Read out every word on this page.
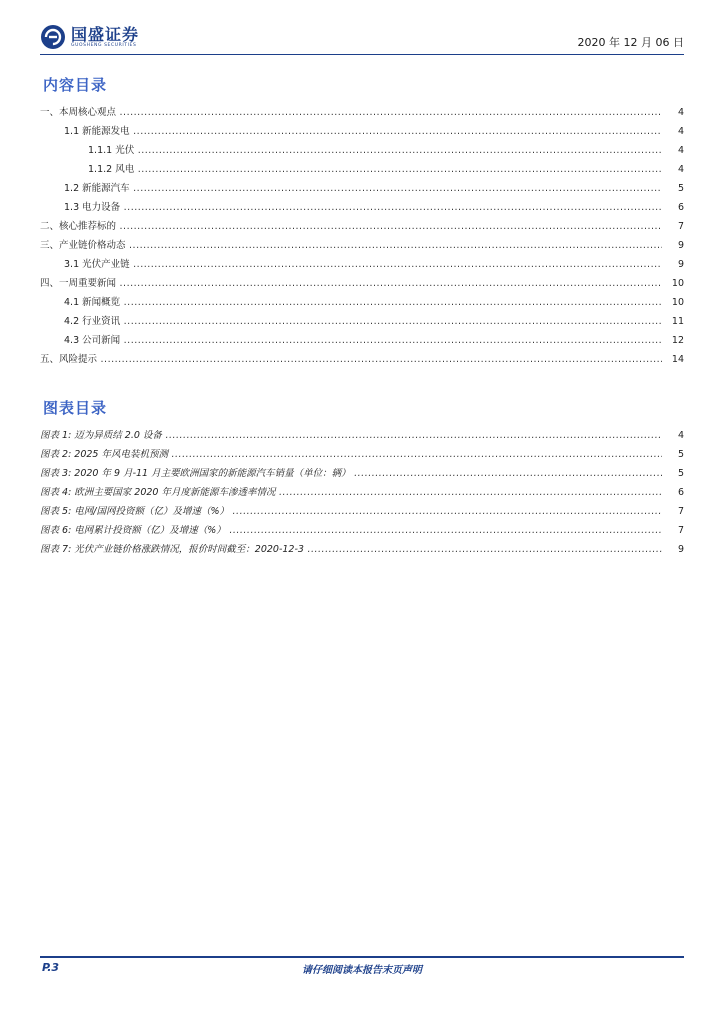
国盛证券
GUOSHENG SECURITIES	2020 年 12 月 06 日
内容目录
一、本周核心观点 .....	4
1.1 新能源发电 .....	4
1.1.1 光伏 .....	4
1.1.2 风电 .....	4
1.2 新能源汽车 .....	5
1.3 电力设备 .....	6
二、核心推荐标的 .....	7
三、产业链价格动态 .....	9
3.1 光伏产业链 .....	9
四、一周重要新闻 .....	10
4.1 新闻概览 .....	10
4.2 行业资讯 .....	11
4.3 公司新闻 .....	12
五、风险提示 .....	14
图表目录
图表 1: 迈为异质结 2.0 设备 .....	4
图表 2: 2025 年风电装机预测 .....	5
图表 3: 2020 年 9 月-11 月主要欧洲国家的新能源汽车销量（单位：辆） .....	5
图表 4: 欧洲主要国家 2020 年月度新能源车渗透率情况 .....	6
图表 5: 电网/国网投资额（亿）及增速（%） .....	7
图表 6: 电网累计投资额（亿）及增速（%） .....	7
图表 7: 光伏产业链价格涨跌情况，报价时间截至：2020-12-3 .....	9
P.3	请仔细阅读本报告末页声明
